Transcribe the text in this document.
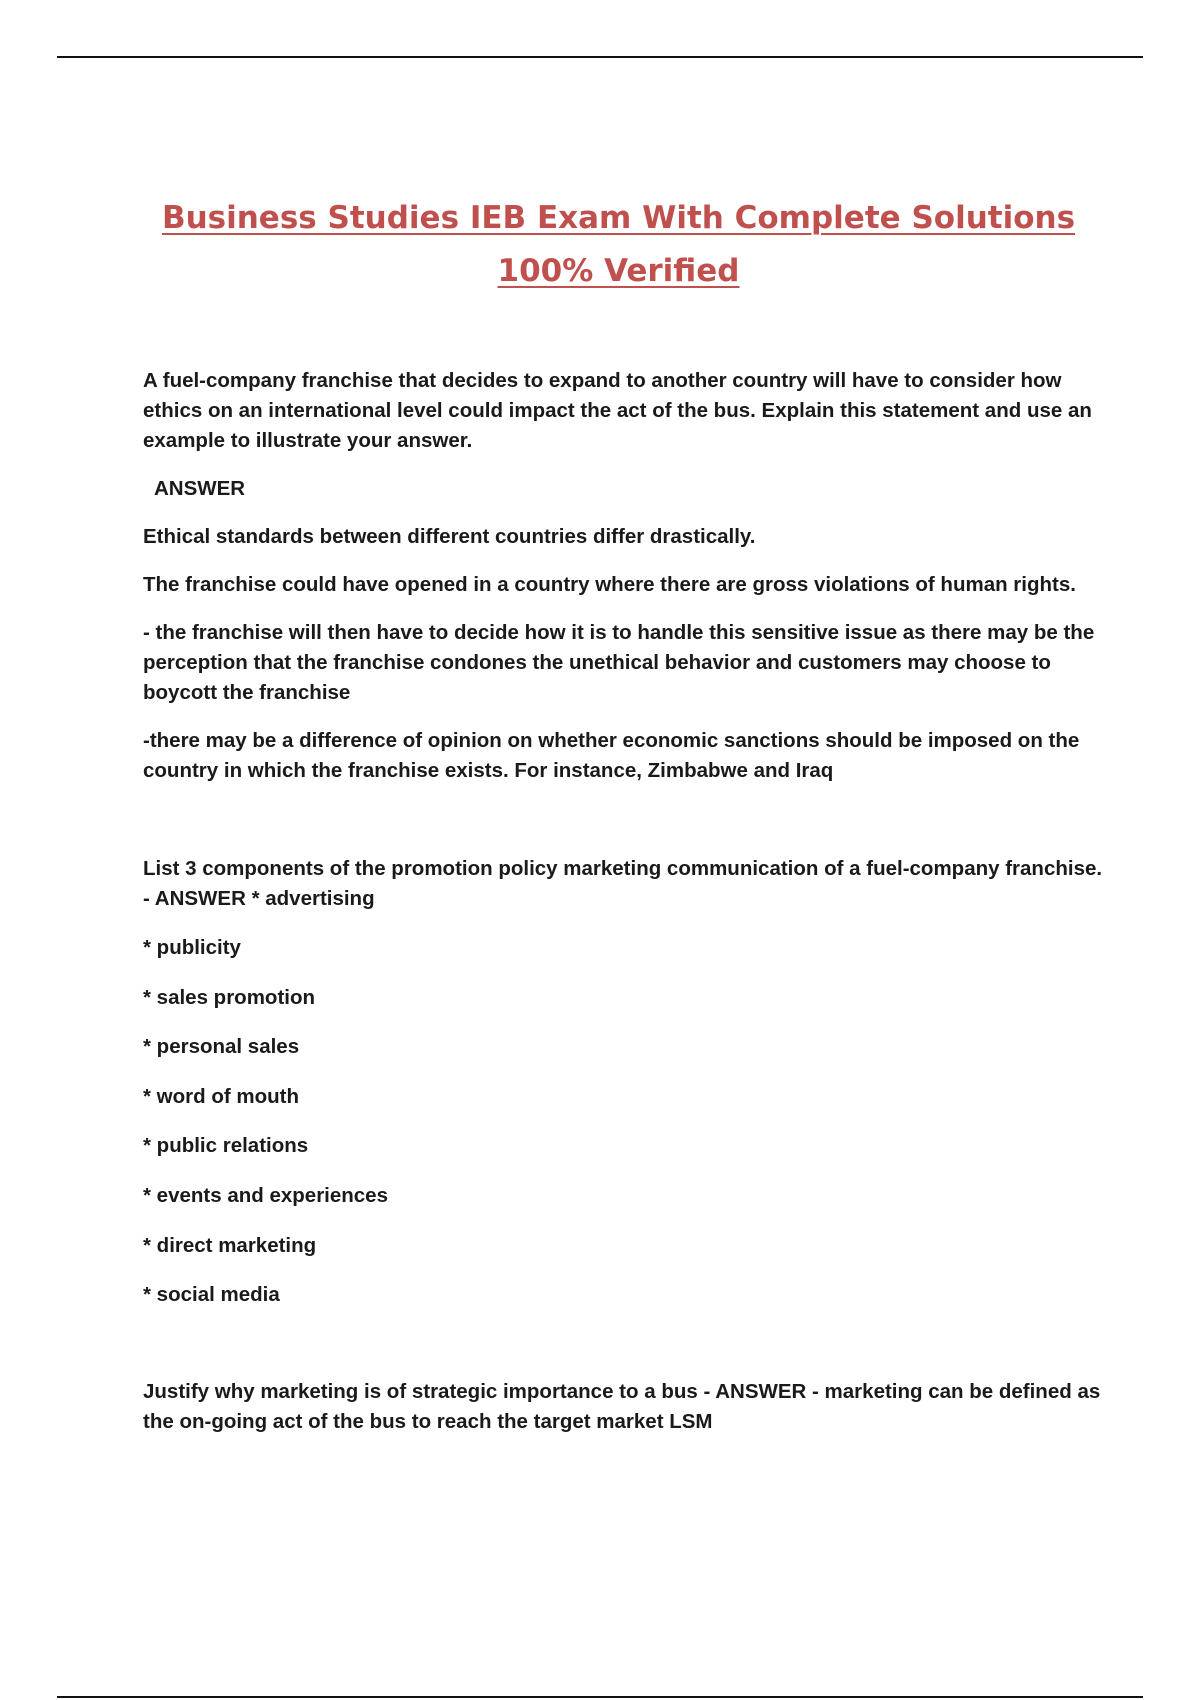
Business Studies IEB Exam With Complete Solutions
100% Verified

A fuel-company franchise that decides to expand to another country will have to consider how ethics on an international level could impact the act of the bus. Explain this statement and use an example to illustrate your answer.

ANSWER

Ethical standards between different countries differ drastically.

The franchise could have opened in a country where there are gross violations of human rights.

- the franchise will then have to decide how it is to handle this sensitive issue as there may be the perception that the franchise condones the unethical behavior and customers may choose to boycott the franchise

-there may be a difference of opinion on whether economic sanctions should be imposed on the country in which the franchise exists. For instance, Zimbabwe and Iraq

List 3 components of the promotion policy marketing communication of a fuel-company franchise. - ANSWER * advertising

* publicity

* sales promotion

* personal sales

* word of mouth

* public relations

* events and experiences

* direct marketing

* social media

Justify why marketing is of strategic importance to a bus - ANSWER - marketing can be defined as the on-going act of the bus to reach the target market LSM
